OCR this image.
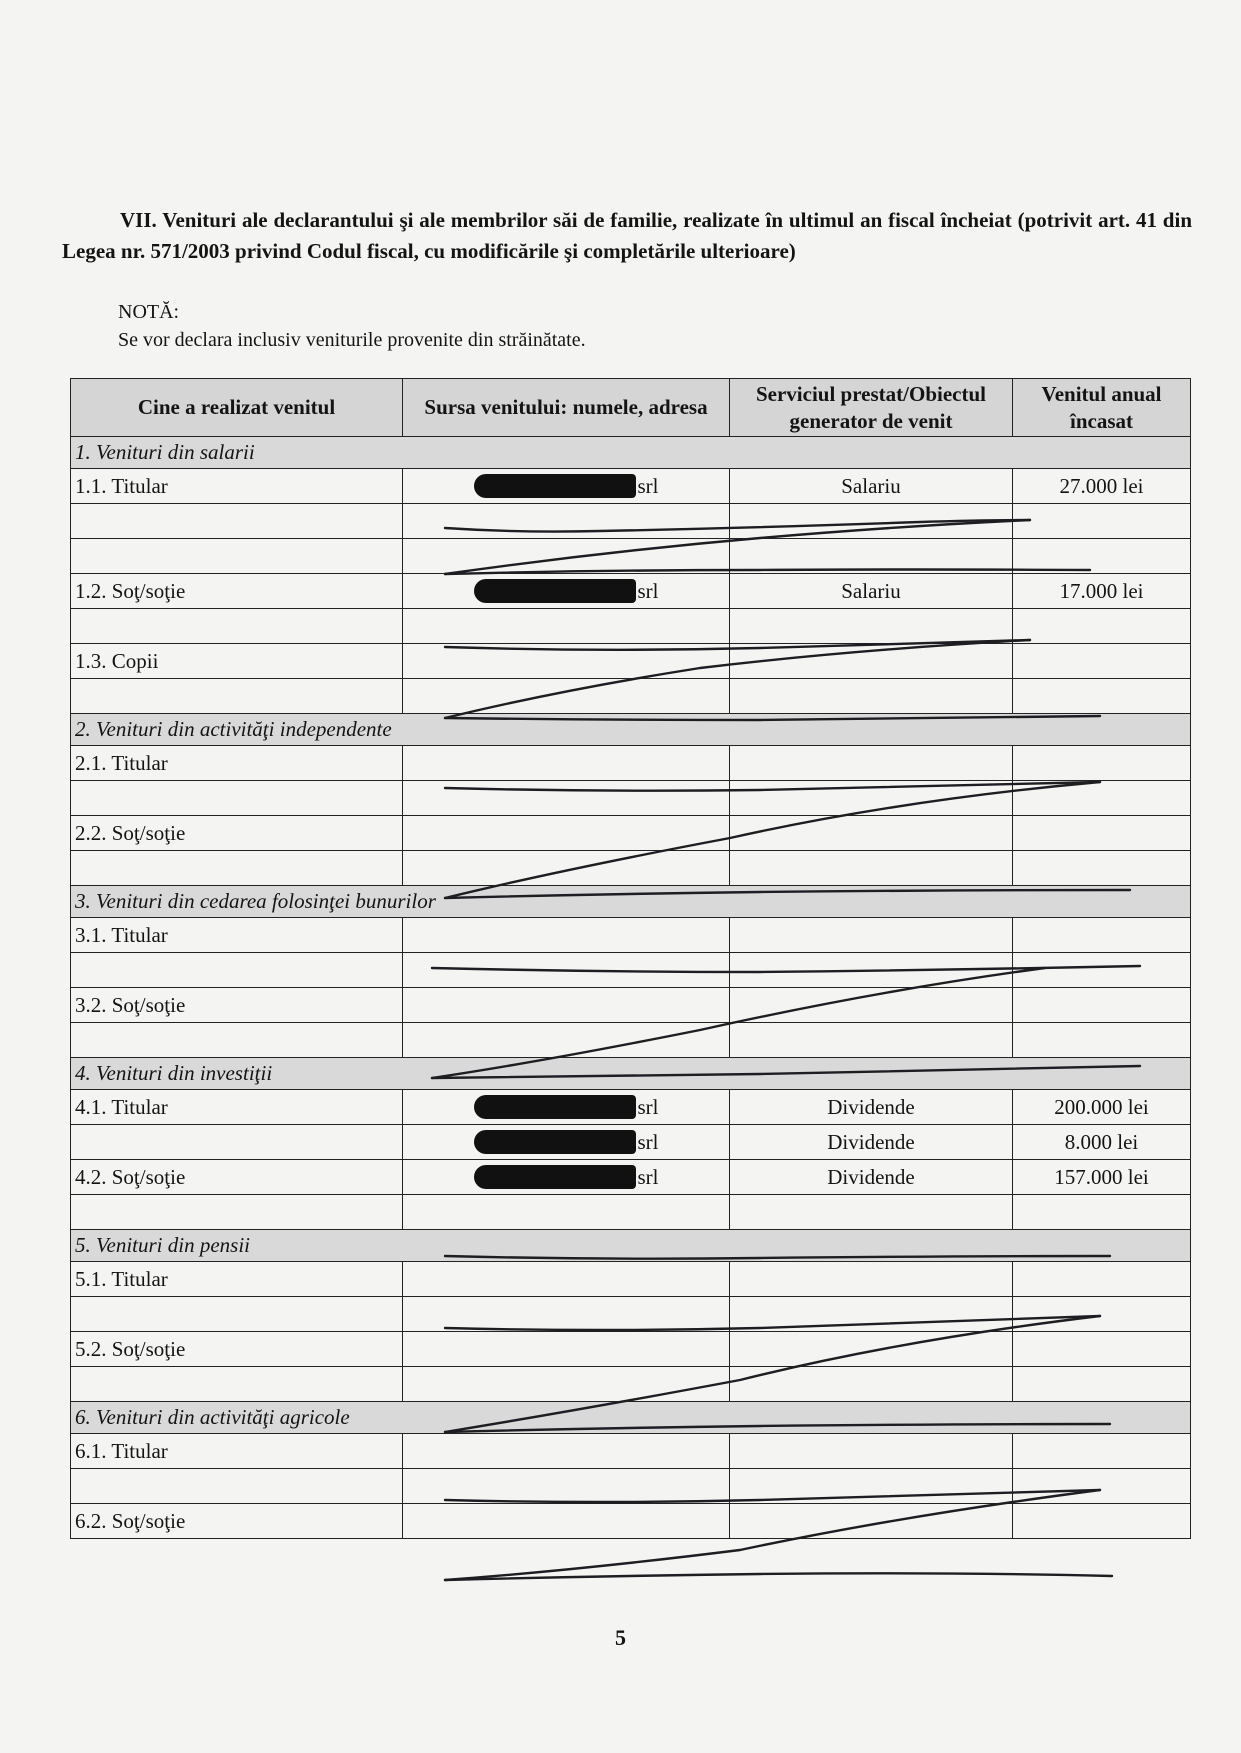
VII. Venituri ale declarantului şi ale membrilor săi de familie, realizate în ultimul an fiscal încheiat (potrivit art. 41 din Legea nr. 571/2003 privind Codul fiscal, cu modificările şi completările ulterioare)
NOTĂ:
Se vor declara inclusiv veniturile provenite din străinătate.
Cine a realizat venitul	Sursa venitului: numele, adresa	Serviciul prestat/Obiectul generator de venit	Venitul anual încasat
1. Venituri din salarii			
1.1. Titular	srl	Salariu	27.000 lei

1.2. Soţ/soţie	srl	Salariu	17.000 lei

1.3. Copii			

2. Venituri din activităţi independente			
2.1. Titular			

2.2. Soţ/soţie			

3. Venituri din cedarea folosinţei bunurilor			
3.1. Titular			

3.2. Soţ/soţie			

4. Venituri din investiţii			
4.1. Titular	srl	Dividende	200.000 lei
	srl	Dividende	8.000 lei
4.2. Soţ/soţie	srl	Dividende	157.000 lei

5. Venituri din pensii			
5.1. Titular			

5.2. Soţ/soţie			

6. Venituri din activităţi agricole			
6.1. Titular			

6.2. Soţ/soţie			
5
